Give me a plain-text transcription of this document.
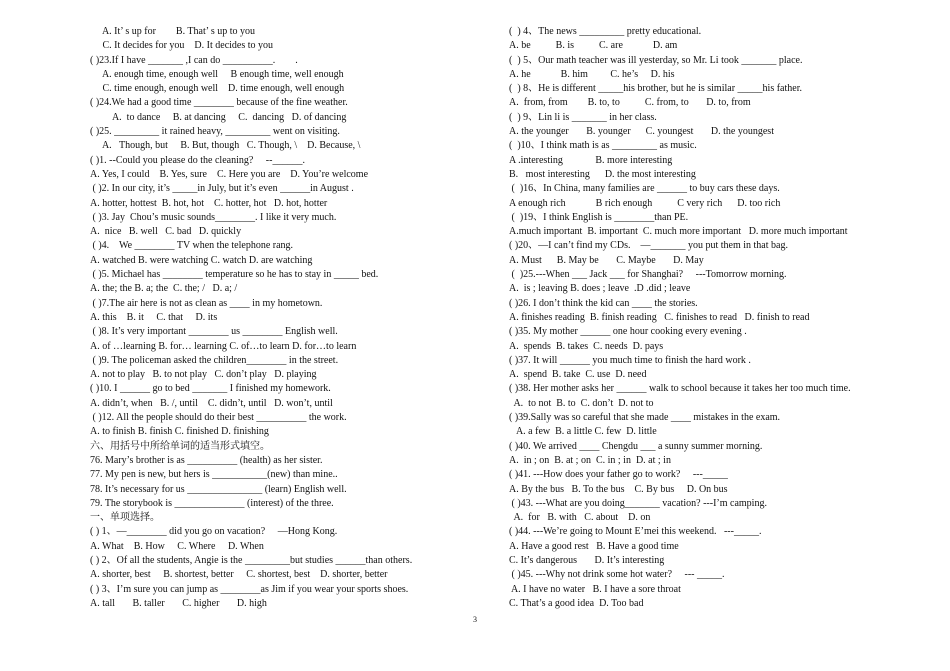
A. It’ s up for        B. That’ s up to you
C. It decides for you    D. It decides to you
( )23.If I have _______ ,I can do __________.        .
A. enough time, enough well     B enough time, well enough
C. time enough, enough well    D. time enough, well enough
( )24.We had a good time ________ because of the fine weather.
A.  to dance     B. at dancing     C.  dancing   D. of dancing
( )25. _________ it rained heavy, _________ went on visiting.
A.   Though, but     B. But, though   C. Though, \    D. Because, \
( )1. --Could you please do the cleaning?     --______.
A. Yes, I could    B. Yes, sure    C. Here you are    D. You’re welcome
( )2. In our city, it’s _____in July, but it’s even ______in August .
A. hotter, hottest  B. hot, hot    C. hotter, hot   D. hot, hotter
( )3. Jay  Chou’s music sounds________. I like it very much.
A.  nice   B. well   C. bad   D. quickly
( )4.    We ________ TV when the telephone rang.
A. watched B. were watching C. watch D. are watching
( )5. Michael has ________ temperature so he has to stay in _____ bed.
A. the; the B. a; the  C. the; /   D. a; /
( )7.The air here is not as clean as ____ in my hometown.
A. this    B. it     C. that     D. its
( )8. It’s very important ________ us ________ English well.
A. of …learning B. for… learning C. of…to learn D. for…to learn
( )9. The policeman asked the children________ in the street.
A. not to play   B. to not play   C. don’t play   D. playing
( )10. I ______ go to bed _______ I finished my homework.
A. didn’t, when   B. /, until    C. didn’t, until   D. won’t, until
( )12. All the people should do their best __________ the work.
A. to finish B. finish C. finished D. finishing
六、用括号中所给单词的适当形式填空。
76. Mary’s brother is as __________ (health) as her sister.
77. My pen is new, but hers is ___________(new) than mine..
78. It’s necessary for us _______________ (learn) English well.
79. The storybook is ______________ (interest) of the three.
一、单项选择。
( ) 1、—________ did you go on vacation?     —Hong Kong.
A. What    B. How     C. Where     D. When
( ) 2、Of all the students, Angie is the _________but studies ______than others.
A. shorter, best     B. shortest, better     C. shortest, best    D. shorter, better
( ) 3、I’m sure you can jump as ________as Jim if you wear your sports shoes.
A. tall       B. taller       C. higher       D. high
(  ) 4、The news _________ pretty educational.
A. be          B. is          C. are            D. am
(  ) 5、Our math teacher was ill yesterday, so Mr. Li took _______ place.
A. he            B. him         C. he’s     D. his
(  ) 8、He is different _____his brother, but he is similar _____his father.
A.  from, from        B. to, to          C. from, to       D. to, from
(  ) 9、Lin li is _______ in her class.
A. the younger       B. younger      C. youngest       D. the youngest
(  )10、I think math is as _________ as music.
A .interesting             B. more interesting
B.   most interesting      D. the most interesting
(  )16、In China, many families are ______ to buy cars these days.
A enough rich            B rich enough          C very rich      D. too rich
(  )19、I think English is ________than PE.
A.much important  B. important  C. much more important   D. more much important
( )20、—I can’t find my CDs.    —_______ you put them in that bag.
A. Must      B. May be       C. Maybe       D. May
(  )25.---When ___ Jack ___ for Shanghai?     ---Tomorrow morning.
A.  is ; leaving B. does ; leave  .D .did ; leave
( )26. I don’t think the kid can ____ the stories.
A. finishes reading  B. finish reading   C. finishes to read   D. finish to read
( )35. My mother ______ one hour cooking every evening .
A.  spends  B. takes  C. needs  D. pays
( )37. It will ______ you much time to finish the hard work .
A.  spend  B. take  C. use  D. need
( )38. Her mother asks her ______ walk to school because it takes her too much time.
A.  to not  B. to  C. don’t  D. not to
( )39.Sally was so careful that she made ____ mistakes in the exam.
A. a few  B. a little C. few  D. little
( )40. We arrived ____ Chengdu ___ a sunny summer morning.
A.  in ; on  B. at ; on  C. in ; in  D. at ; in
( )41. ---How does your father go to work?     ---_____
A. By the bus   B. To the bus    C. By bus     D. On bus
( )43. ---What are you doing_______ vacation? ---I’m camping.
A.  for   B. with   C. about    D. on
( )44. ---We’re going to Mount E’mei this weekend.   ---_____.
A. Have a good rest   B. Have a good time
C. It’s dangerous       D. It’s interesting
( )45. ---Why not drink some hot water?     --- _____.
A. I have no water   B. I have a sore throat
C. That’s a good idea  D. Too bad
3
